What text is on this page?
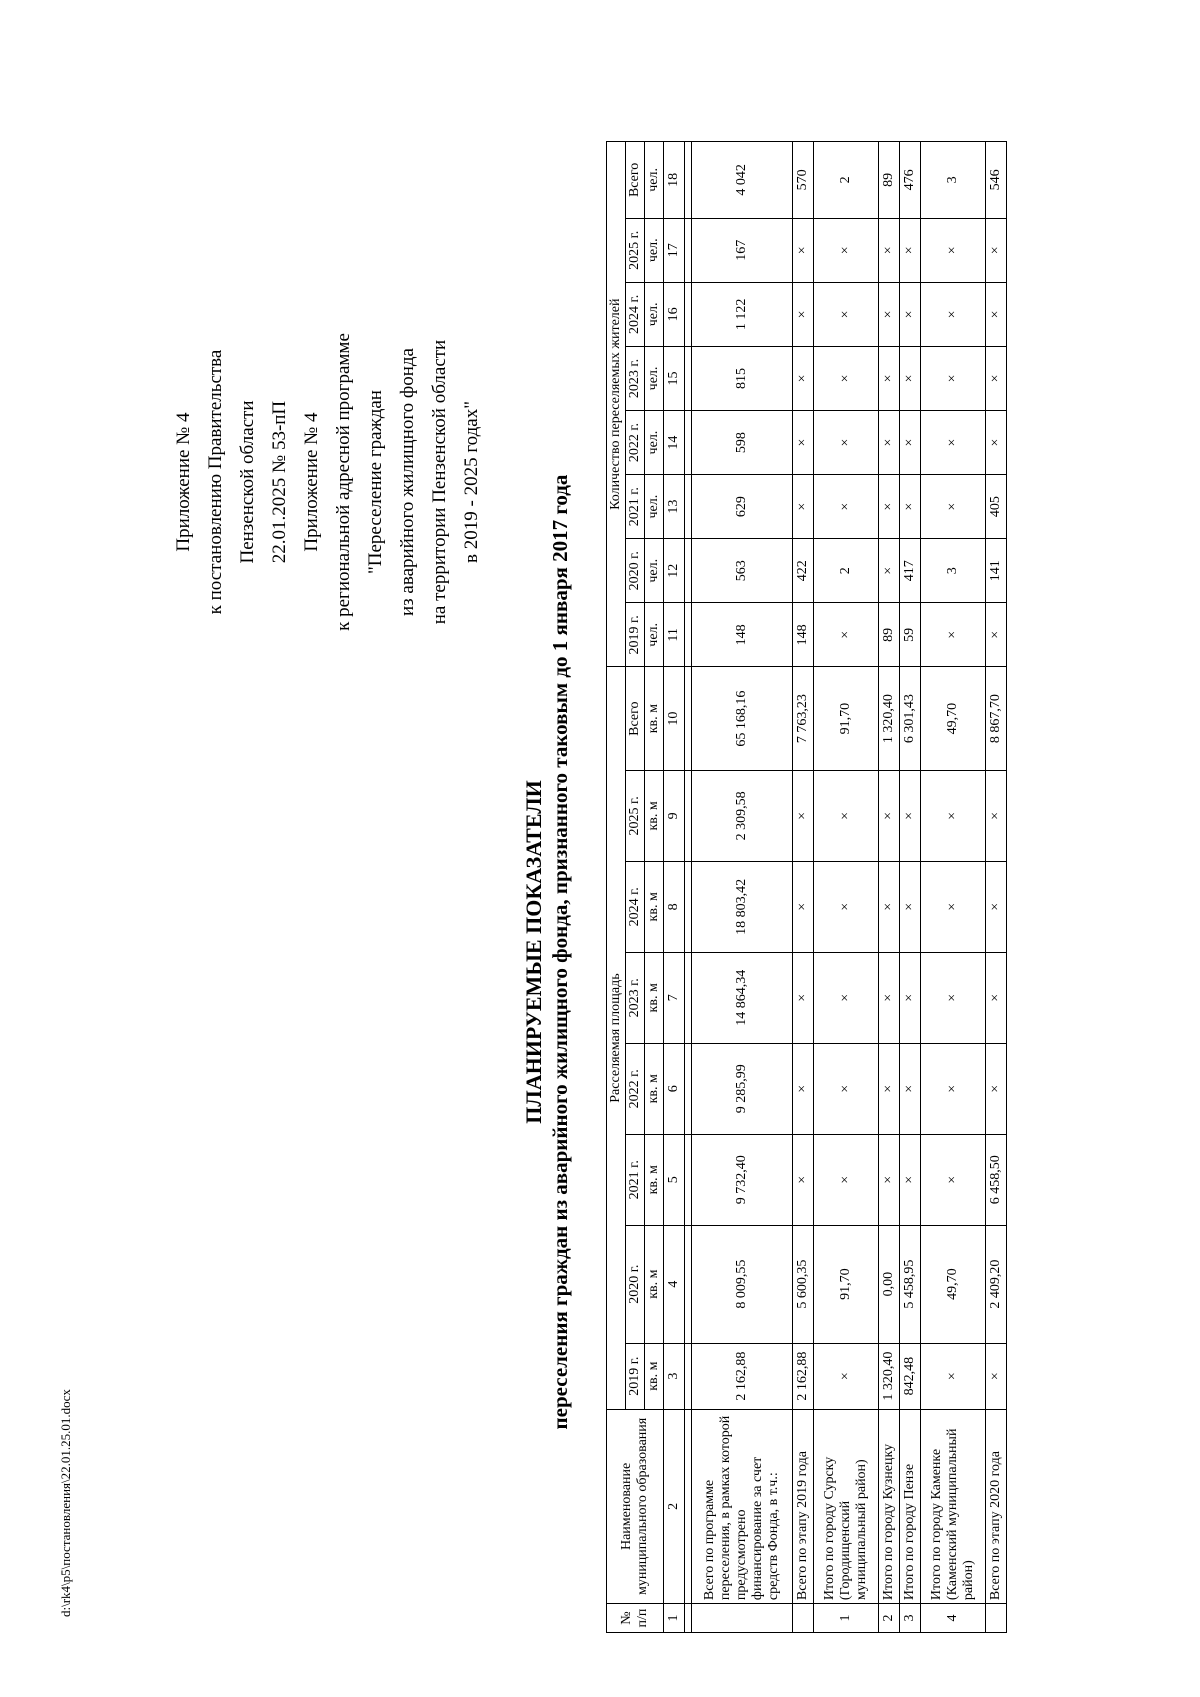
d:\rk4\p5\постановления\22.01.25.01.docx
Приложение № 4 к постановлению Правительства Пензенской области 22.01.2025 № 53-пП Приложение № 4 к региональной адресной программе "Переселение граждан из аварийного жилищного фонда на территории Пензенской области в 2019 - 2025 годах"
ПЛАНИРУЕМЫЕ ПОКАЗАТЕЛИ переселения граждан из аварийного жилищного фонда, признанного таковым до 1 января 2017 года
№ п/п	Наименование муниципального образования	Расселяемая площадь								Количество переселяемых жителей							
		2019 г.	2020 г.	2021 г.	2022 г.	2023 г.	2024 г.	2025 г.	Всего	2019 г.	2020 г.	2021 г.	2022 г.	2023 г.	2024 г.	2025 г.	Всего
		кв. м	кв. м	кв. м	кв. м	кв. м	кв. м	кв. м	кв. м	чел.	чел.	чел.	чел.	чел.	чел.	чел.	чел.
1	2	3	4	5	6	7	8	9	10	11	12	13	14	15	16	17	18

	Всего по программе переселения, в рамках которой предусмотрено финансирование за счет средств Фонда, в т.ч.:	2 162,88	8 009,55	9 732,40	9 285,99	14 864,34	18 803,42	2 309,58	65 168,16	148	563	629	598	815	1 122	167	4 042
	Всего по этапу 2019 года	2 162,88	5 600,35	×	×	×	×	×	7 763,23	148	422	×	×	×	×	×	570
1	Итого по городу Сурску (Городищенский муниципальный район)	×	91,70	×	×	×	×	×	91,70	×	2	×	×	×	×	×	2
2	Итого по городу Кузнецку	1 320,40	0,00	×	×	×	×	×	1 320,40	89	×	×	×	×	×	×	89
3	Итого по городу Пензе	842,48	5 458,95	×	×	×	×	×	6 301,43	59	417	×	×	×	×	×	476
4	Итого по городу Каменке (Каменский муниципальный район)	×	49,70	×	×	×	×	×	49,70	×	3	×	×	×	×	×	3
	Всего по этапу 2020 года	×	2 409,20	6 458,50	×	×	×	×	8 867,70	×	141	405	×	×	×	×	546
